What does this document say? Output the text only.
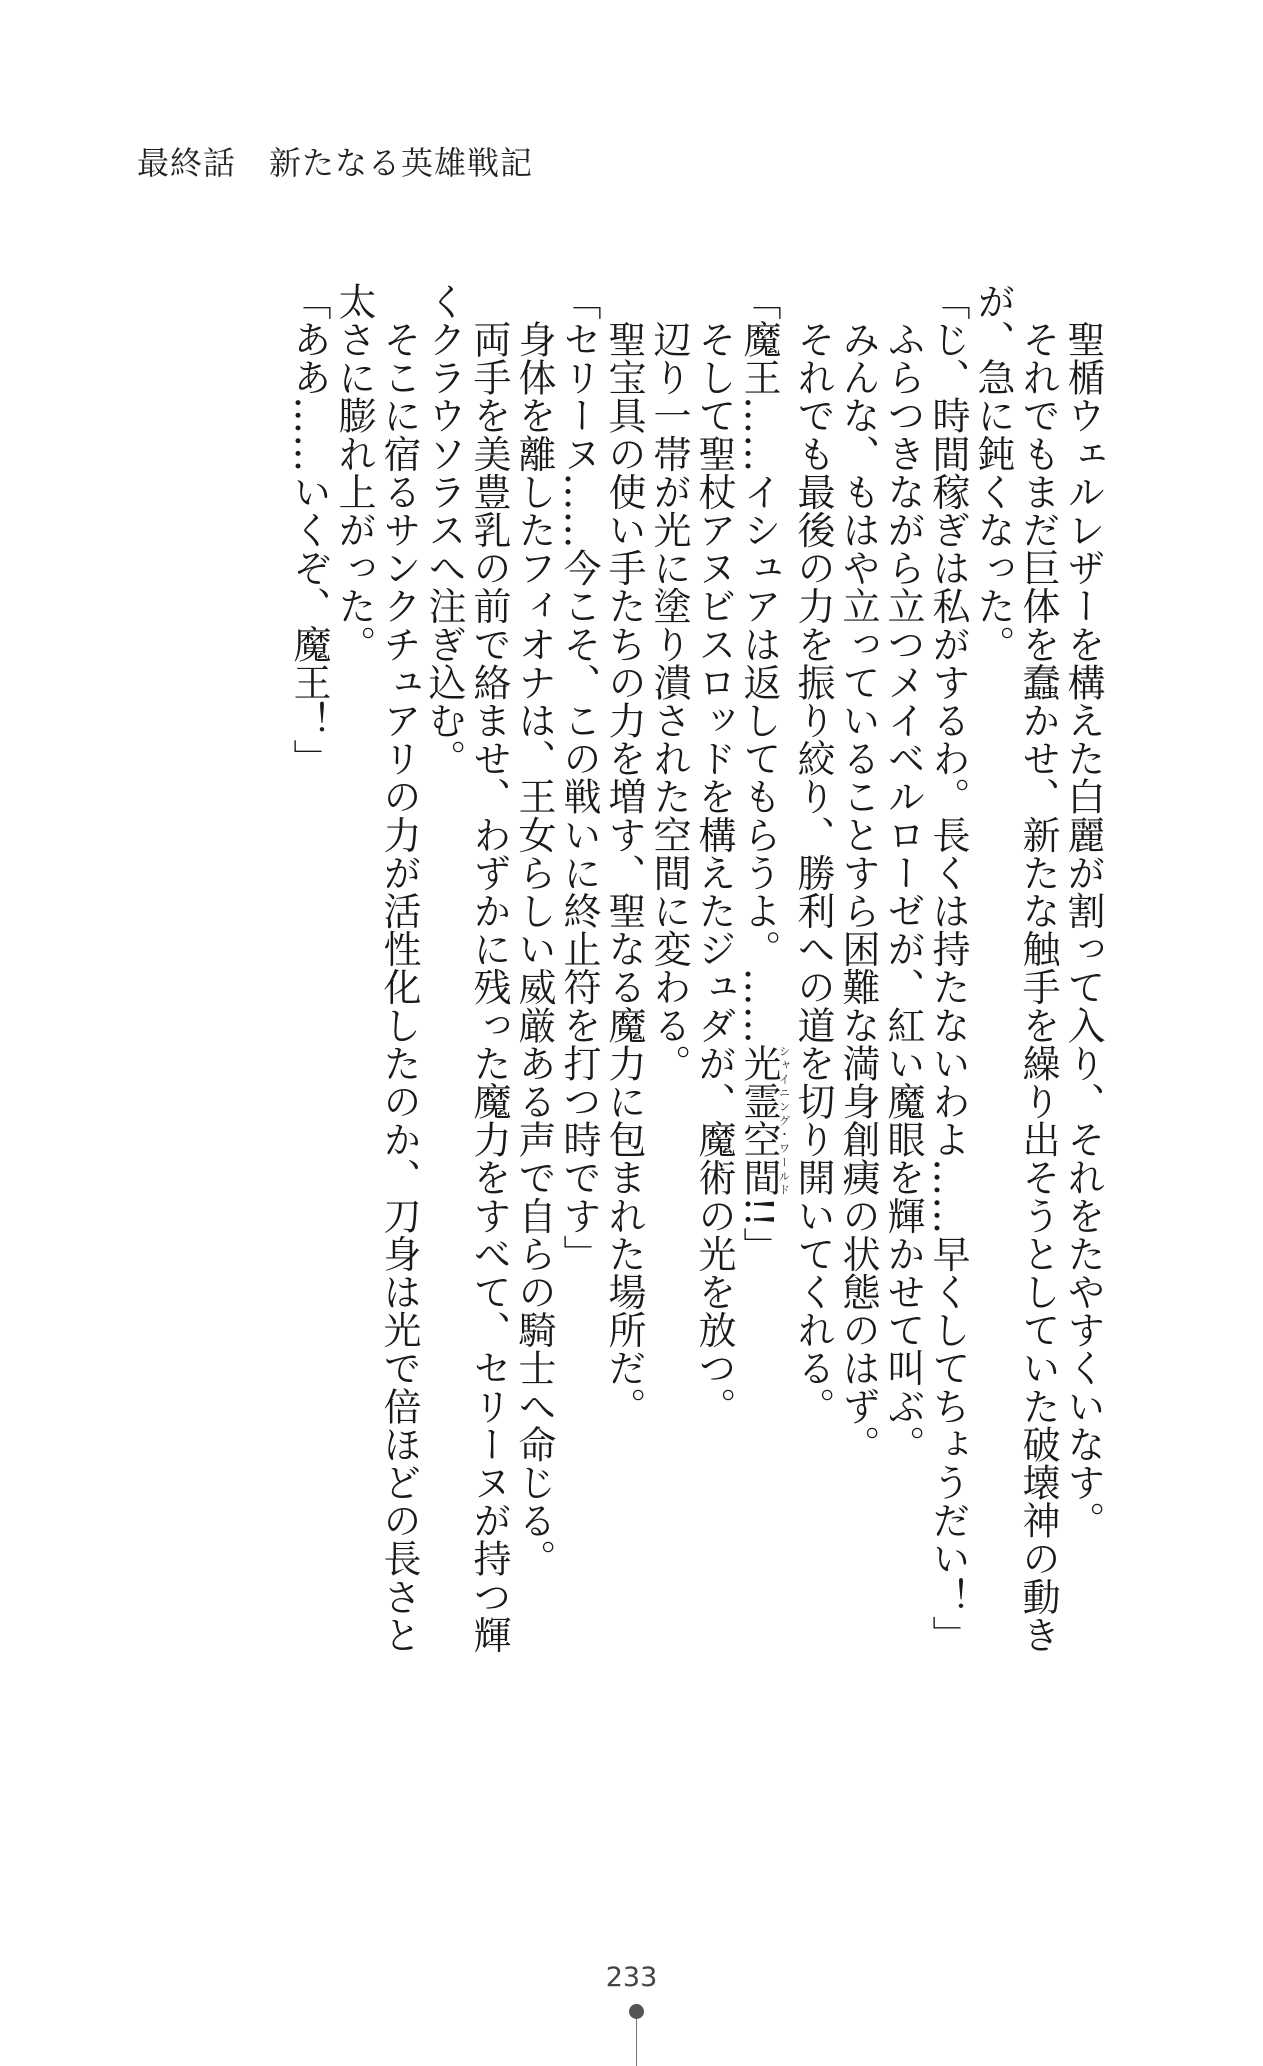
最終話　新たなる英雄戦記

　聖楯ウェルレザーを構えた白麗が割って入り、それをたやすくいなす。

　それでもまだ巨体を蠢かせ、新たな触手を繰り出そうとしていた破壊神の動きが、急に鈍くなった。

「じ、時間稼ぎは私がするわ。長くは持たないわよ……早くしてちょうだい！」

　ふらつきながら立つメイベルローゼが、紅い魔眼を輝かせて叫ぶ。

　みんな、もはや立っていることすら困難な満身創痍の状態のはず。

　それでも最後の力を振り絞り、勝利への道を切り開いてくれる。

「魔王……イシュアは返してもらうよ。……光霊空間シャイニング・ワールド!!」

　そして聖杖アヌビスロッドを構えたジュダが、魔術の光を放つ。

　辺り一帯が光に塗り潰された空間に変わる。

　聖宝具の使い手たちの力を増す、聖なる魔力に包まれた場所だ。

「セリーヌ……今こそ、この戦いに終止符を打つ時です」

　身体を離したフィオナは、王女らしい威厳ある声で自らの騎士へ命じる。

　両手を美豊乳の前で絡ませ、わずかに残った魔力をすべて、セリーヌが持つ輝くクラウソラスへ注ぎ込む。

　そこに宿るサンクチュアリの力が活性化したのか、刀身は光で倍ほどの長さと太さに膨れ上がった。

「ああ……いくぞ、魔王！」

233
